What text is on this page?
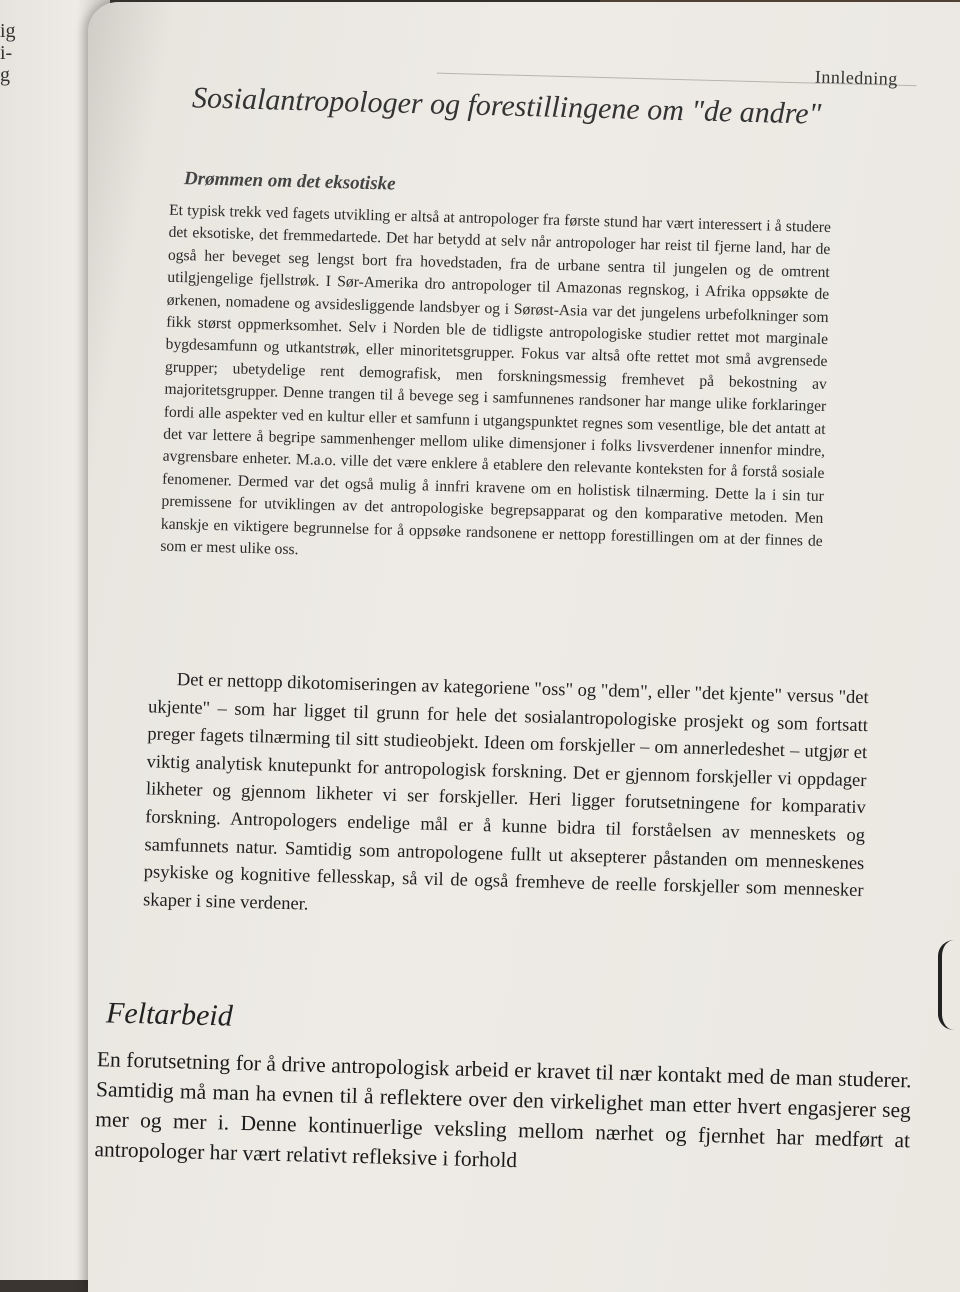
ig
i-
g	Innledning
Sosialantropologer og forestillingene om "de andre"
Drømmen om det eksotiske

Et typisk trekk ved fagets utvikling er altså at antropologer fra første stund har vært interessert i å studere det eksotiske, det fremmedartede. Det har betydd at selv når antropologer har reist til fjerne land, har de også her beveget seg lengst bort fra hovedstaden, fra de urbane sentra til jungelen og de omtrent utilgjengelige fjellstrøk. I Sør-Amerika dro antropologer til Amazonas regnskog, i Afrika oppsøkte de ørkenen, nomadene og avsidesliggende landsbyer og i Sørøst-Asia var det jungelens urbefolkninger som fikk størst oppmerksomhet. Selv i Norden ble de tidligste antropologiske studier rettet mot marginale bygdesamfunn og utkantstrøk, eller minoritetsgrupper. Fokus var altså ofte rettet mot små avgrensede grupper; ubetydelige rent demografisk, men forskningsmessig fremhevet på bekostning av majoritetsgrupper. Denne trangen til å bevege seg i samfunnenes randsoner har mange ulike forklaringer fordi alle aspekter ved en kultur eller et samfunn i utgangspunktet regnes som vesentlige, ble det antatt at det var lettere å begripe sammenhenger mellom ulike dimensjoner i folks livsverdener innenfor mindre, avgrensbare enheter. M.a.o. ville det være enklere å etablere den relevante konteksten for å forstå sosiale fenomener. Dermed var det også mulig å innfri kravene om en holistisk tilnærming. Dette la i sin tur premissene for utviklingen av det antropologiske begrepsapparat og den komparative metoden. Men kanskje en viktigere begrunnelse for å oppsøke randsonene er nettopp forestillingen om at der finnes de som er mest ulike oss.

Det er nettopp dikotomiseringen av kategoriene "oss" og "dem", eller "det kjente" versus "det ukjente" – som har ligget til grunn for hele det sosialantropologiske prosjekt og som fortsatt preger fagets tilnærming til sitt studieobjekt. Ideen om forskjeller – om annerledeshet – utgjør et viktig analytisk knutepunkt for antropologisk forskning. Det er gjennom forskjeller vi oppdager likheter og gjennom likheter vi ser forskjeller. Heri ligger forutsetningene for komparativ forskning. Antropologers endelige mål er å kunne bidra til forståelsen av menneskets og samfunnets natur. Samtidig som antropologene fullt ut aksepterer påstanden om menneskenes psykiske og kognitive fellesskap, så vil de også fremheve de reelle forskjeller som mennesker skaper i sine verdener.

Feltarbeid

En forutsetning for å drive antropologisk arbeid er kravet til nær kontakt med de man studerer. Samtidig må man ha evnen til å reflektere over den virkelighet man etter hvert engasjerer seg mer og mer i. Denne kontinuerlige veksling mellom nærhet og fjernhet har medført at antropologer har vært relativt refleksive i forhold
